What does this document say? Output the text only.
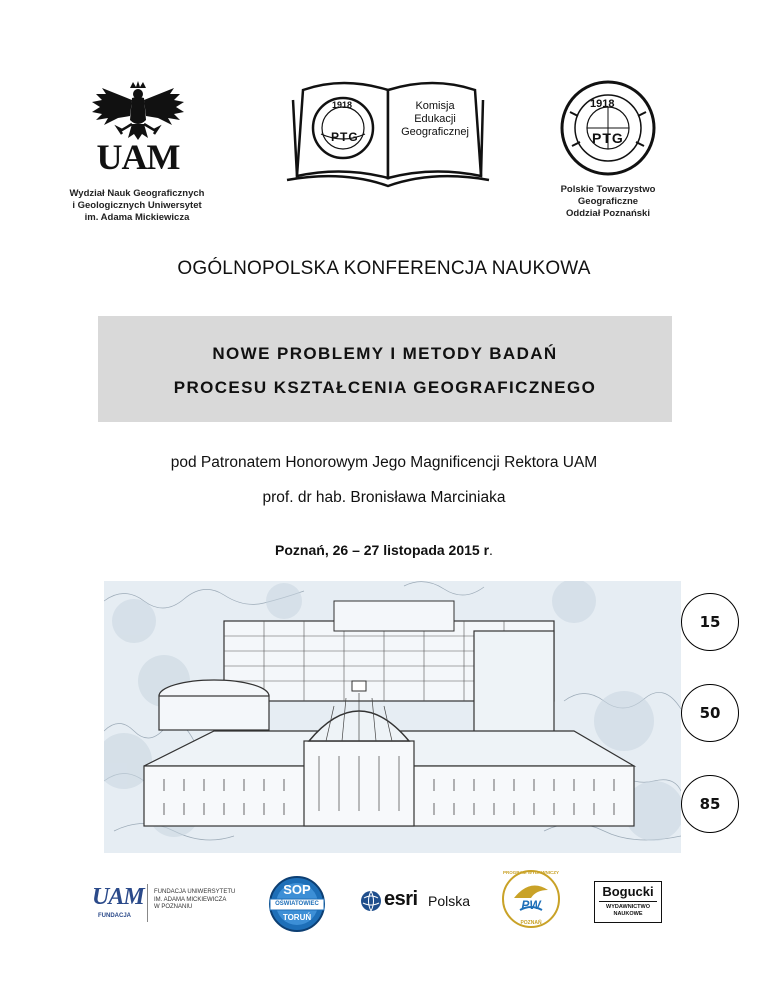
UAM
Wydział Nauk Geograficznych
i Geologicznych Uniwersytet
im. Adama Mickiewicza
1918
PTG
Komisja
Edukacji
Geograficznej
1918
PTG
Polskie Towarzystwo
Geograficzne
Oddział Poznański
OGÓLNOPOLSKA KONFERENCJA NAUKOWA
NOWE PROBLEMY I METODY BADAŃ
PROCESU KSZTAŁCENIA GEOGRAFICZNEGO
pod Patronatem Honorowym Jego Magnificencji Rektora UAM
prof. dr hab. Bronisława Marciniaka
Poznań, 26 – 27 listopada 2015 r.
15
50
85
UAM
FUNDACJA
FUNDACJA UNIWERSYTETU
IM. ADAMA MICKIEWICZA
W POZNANIU
SOP
OŚWIATOWIEC
TORUŃ
esri Polska
PROGRAM WYDAWNICZY
PW
POZNAŃ
Bogucki
WYDAWNICTWO
NAUKOWE
